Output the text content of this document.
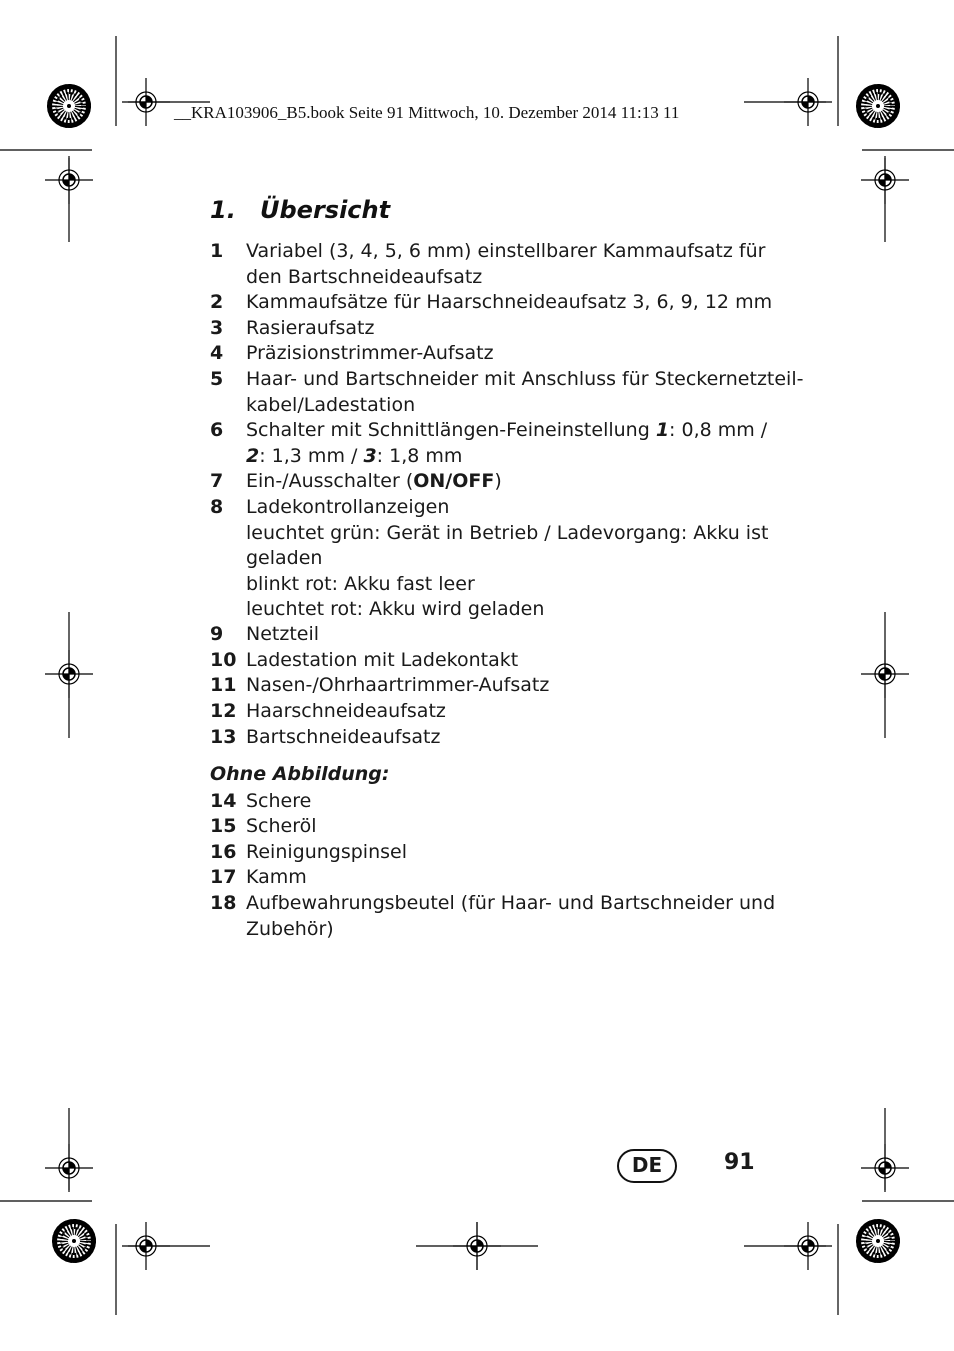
__KRA103906_B5.book Seite 91 Mittwoch, 10. Dezember 2014 11:13 11
1. Übersicht
1 Variabel (3, 4, 5, 6 mm) einstellbarer Kammaufsatz für
den Bartschneideaufsatz
2 Kammaufsätze für Haarschneideaufsatz 3, 6, 9, 12 mm
3 Rasieraufsatz
4 Präzisionstrimmer-Aufsatz
5 Haar- und Bartschneider mit Anschluss für Steckernetzteil-
kabel/Ladestation
6 Schalter mit Schnittlängen-Feineinstellung 1: 0,8 mm /
2: 1,3 mm / 3: 1,8 mm
7 Ein-/Ausschalter (ON/OFF)
8 Ladekontrollanzeigen
leuchtet grün: Gerät in Betrieb / Ladevorgang: Akku ist
geladen
blinkt rot: Akku fast leer
leuchtet rot: Akku wird geladen
9 Netzteil
10 Ladestation mit Ladekontakt
11 Nasen-/Ohrhaartrimmer-Aufsatz
12 Haarschneideaufsatz
13 Bartschneideaufsatz
Ohne Abbildung:
14 Schere
15 Scheröl
16 Reinigungspinsel
17 Kamm
18 Aufbewahrungsbeutel (für Haar- und Bartschneider und
Zubehör)
DE	91
